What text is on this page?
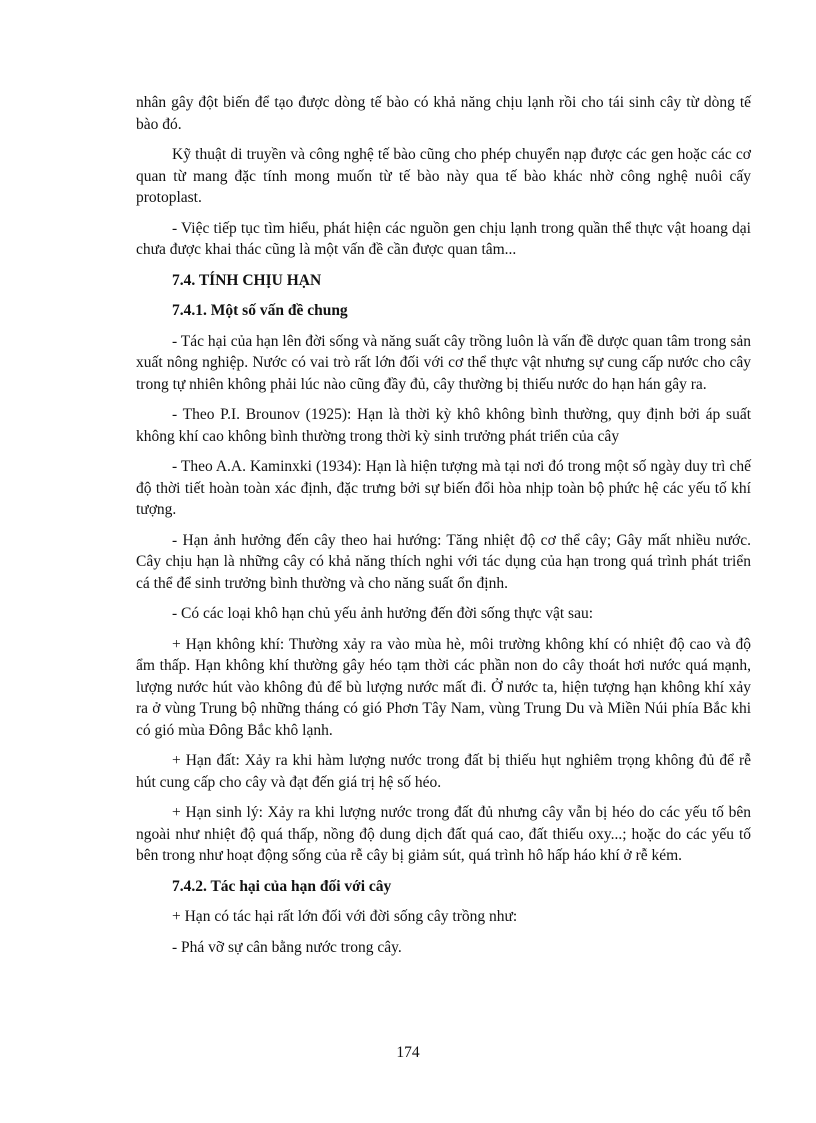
nhân gây đột biến để tạo được dòng tế bào có khả năng chịu lạnh rồi cho tái sinh cây từ dòng tế bào đó.

Kỹ thuật di truyền và công nghệ tế bào cũng cho phép chuyển nạp được các gen hoặc các cơ quan từ mang đặc tính mong muốn từ tế bào này qua tế bào khác nhờ công nghệ nuôi cấy protoplast.

- Việc tiếp tục tìm hiểu, phát hiện các nguồn gen chịu lạnh trong quần thể thực vật hoang dại chưa được khai thác cũng là một vấn đề cần được quan tâm...

7.4. TÍNH CHỊU HẠN

7.4.1. Một số vấn đề chung

- Tác hại của hạn lên đời sống và năng suất cây trồng luôn là vấn đề dược quan tâm trong sản xuất nông nghiệp. Nước có vai trò rất lớn đối với cơ thể thực vật nhưng sự cung cấp nước cho cây trong tự nhiên không phải lúc nào cũng đầy đủ, cây thường bị thiếu nước do hạn hán gây ra.

- Theo P.I. Brounov (1925): Hạn là thời kỳ khô không bình thường, quy định bởi áp suất không khí cao không bình thường trong thời kỳ sinh trưởng phát triển của cây

- Theo A.A. Kaminxki (1934): Hạn là hiện tượng mà tại nơi đó trong một số ngày duy trì chế độ thời tiết hoàn toàn xác định, đặc trưng bởi sự biến đổi hòa nhịp toàn bộ phức hệ các yếu tố khí tượng.

- Hạn ảnh hưởng đến cây theo hai hướng: Tăng nhiệt độ cơ thể cây; Gây mất nhiều nước. Cây chịu hạn là những cây có khả năng thích nghi với tác dụng của hạn trong quá trình phát triển cá thể để sinh trưởng bình thường và cho năng suất ổn định.

- Có các loại khô hạn chủ yếu ảnh hưởng đến đời sống thực vật sau:

+ Hạn không khí: Thường xảy ra vào mùa hè, môi trường không khí có nhiệt độ cao và độ ẩm thấp. Hạn không khí thường gây héo tạm thời các phần non do cây thoát hơi nước quá mạnh, lượng nước hút vào không đủ để bù lượng nước mất đi. Ở nước ta, hiện tượng hạn không khí xảy ra ở vùng Trung bộ những tháng có gió Phơn Tây Nam, vùng Trung Du và Miền Núi phía Bắc khi có gió mùa Đông Bắc khô lạnh.

+ Hạn đất: Xảy ra khi hàm lượng nước trong đất bị thiếu hụt nghiêm trọng không đủ để rễ hút cung cấp cho cây và đạt đến giá trị hệ số héo.

+ Hạn sinh lý: Xảy ra khi lượng nước trong đất đủ nhưng cây vẫn bị héo do các yếu tố bên ngoài như nhiệt độ quá thấp, nồng độ dung dịch đất quá cao, đất thiếu oxy...; hoặc do các yếu tố bên trong như hoạt động sống của rễ cây bị giảm sút, quá trình hô hấp háo khí ở rễ kém.

7.4.2. Tác hại của hạn đối với cây

+ Hạn có tác hại rất lớn đối với đời sống cây trồng như:

- Phá vỡ sự cân bằng nước trong cây.

174
